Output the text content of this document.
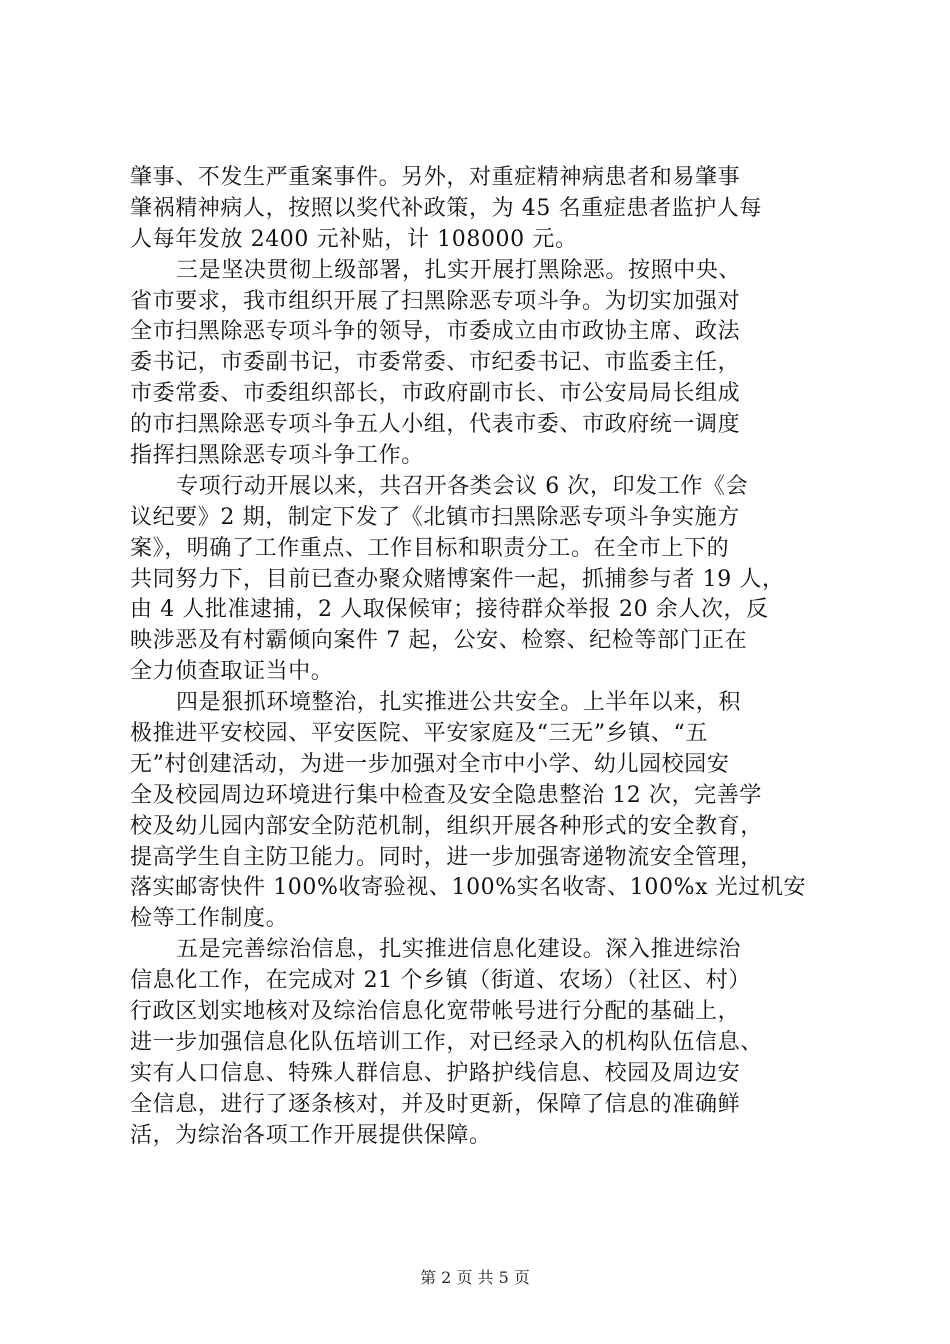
肇事、不发生严重案事件。另外，对重症精神病患者和易肇事
肇祸精神病人，按照以奖代补政策，为 45 名重症患者监护人每
人每年发放 2400 元补贴，计 108000 元。
三是坚决贯彻上级部署，扎实开展打黑除恶。按照中央、
省市要求，我市组织开展了扫黑除恶专项斗争。为切实加强对
全市扫黑除恶专项斗争的领导，市委成立由市政协主席、政法
委书记，市委副书记，市委常委、市纪委书记、市监委主任，
市委常委、市委组织部长，市政府副市长、市公安局局长组成
的市扫黑除恶专项斗争五人小组，代表市委、市政府统一调度
指挥扫黑除恶专项斗争工作。
专项行动开展以来，共召开各类会议 6 次，印发工作《会
议纪要》2 期，制定下发了《北镇市扫黑除恶专项斗争实施方
案》，明确了工作重点、工作目标和职责分工。在全市上下的
共同努力下，目前已查办聚众赌博案件一起，抓捕参与者 19 人，
由 4 人批准逮捕，2 人取保候审；接待群众举报 20 余人次，反
映涉恶及有村霸倾向案件 7 起，公安、检察、纪检等部门正在
全力侦查取证当中。
四是狠抓环境整治，扎实推进公共安全。上半年以来，积
极推进平安校园、平安医院、平安家庭及“三无”乡镇、“五
无”村创建活动，为进一步加强对全市中小学、幼儿园校园安
全及校园周边环境进行集中检查及安全隐患整治 12 次，完善学
校及幼儿园内部安全防范机制，组织开展各种形式的安全教育，
提高学生自主防卫能力。同时，进一步加强寄递物流安全管理，
落实邮寄快件 100%收寄验视、100%实名收寄、100%x 光过机安
检等工作制度。
五是完善综治信息，扎实推进信息化建设。深入推进综治
信息化工作，在完成对 21 个乡镇（街道、农场）（社区、村）
行政区划实地核对及综治信息化宽带帐号进行分配的基础上，
进一步加强信息化队伍培训工作，对已经录入的机构队伍信息、
实有人口信息、特殊人群信息、护路护线信息、校园及周边安
全信息，进行了逐条核对，并及时更新，保障了信息的准确鲜
活，为综治各项工作开展提供保障。
第 2 页 共 5 页
